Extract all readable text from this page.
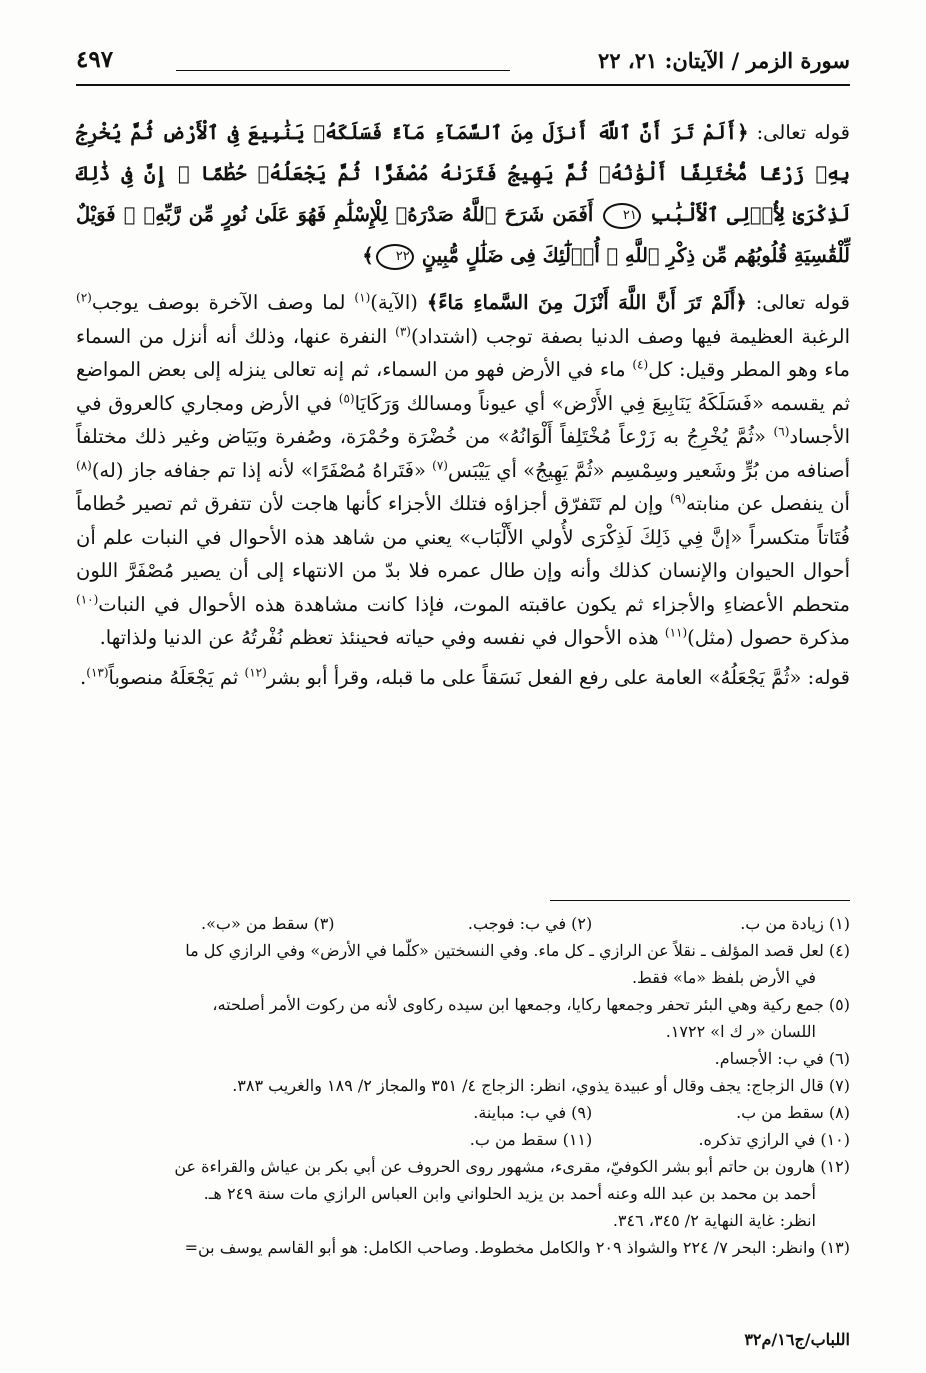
سورة الزمر / الآيتان: ٢١، ٢٢
٤٩٧

قوله تعالى: ﴿أَلَمْ تَرَ أَنَّ ٱللَّهَ أَنزَلَ مِنَ ٱلسَّمَآءِ مَآءً فَسَلَكَهُۥ يَنَٰبِيعَ فِى ٱلْأَرْضِ ثُمَّ يُخْرِجُ بِهِۦ زَرْعًا مُّخْتَلِفًا أَلْوَٰنُهُۥ ثُمَّ يَهِيجُ فَتَرَىٰهُ مُصْفَرًّا ثُمَّ يَجْعَلُهُۥ حُطَٰمًا ۚ إِنَّ فِى ذَٰلِكَ لَذِكْرَىٰ لِأُو۟لِى ٱلْأَلْبَٰبِ ٢١ أَفَمَن شَرَحَ ٱللَّهُ صَدْرَهُۥ لِلْإِسْلَٰمِ فَهُوَ عَلَىٰ نُورٍ مِّن رَّبِّهِۦ ۚ فَوَيْلٌ لِّلْقَٰسِيَةِ قُلُوبُهُم مِّن ذِكْرِ ٱللَّهِ ۚ أُو۟لَٰٓئِكَ فِى ضَلَٰلٍ مُّبِينٍ ٢٢﴾

قوله تعالى: ﴿أَلَمْ تَرَ أَنَّ اللَّهَ أَنْزَلَ مِنَ السَّماءِ مَاءً﴾ (الآية)$^{(١)}$ لما وصف الآخرة بوصف يوجب$^{(٢)}$ الرغبة العظيمة فيها وصف الدنيا بصفة توجب (اشتداد)$^{(٣)}$ النفرة عنها، وذلك أنه أنزل من السماء ماء وهو المطر وقيل: كل$^{(٤)}$ ماء في الأرض فهو من السماء، ثم إنه تعالى ينزله إلى بعض المواضع ثم يقسمه «فَسَلَكَهُ يَنَابِيعَ فِي الأَرْض» أي عيوناً ومسالك وَرَكَايَا$^{(٥)}$ في الأرض ومجاري كالعروق في الأجساد$^{(٦)}$ «ثُمَّ يُخْرِجُ به زَرْعاً مُخْتَلِفاً أَلْوَانُهُ» من خُضْرَة وحُمْرَة، وصُفرة وبَيَاض وغير ذلك مختلفاً أصنافه من بُرٍّ وشَعير وسِمْسِم «ثُمَّ يَهِيجُ» أي يَيْبَس$^{(٧)}$ «فَتَراهُ مُصْفَرًا» لأنه إذا تم جفافه جاز (له)$^{(٨)}$ أن ينفصل عن منابته$^{(٩)}$ وإن لم تَتَفرّق أجزاؤه فتلك الأجزاء كأنها هاجت لأن تتفرق ثم تصير حُطاماً فُتَاتاً متكسراً «إنَّ فِي ذَلِكَ لَذِكْرَى لأُولي الأَلْبَاب» يعني من شاهد هذه الأحوال في النبات علم أن أحوال الحيوان والإنسان كذلك وأنه وإن طال عمره فلا بدّ من الانتهاء إلى أن يصير مُصْفَرَّ اللون متحطم الأعضاءِ والأجزاء ثم يكون عاقبته الموت، فإذا كانت مشاهدة هذه الأحوال في النبات$^{(١٠)}$ مذكرة حصول (مثل)$^{(١١)}$ هذه الأحوال في نفسه وفي حياته فحينئذ تعظم نُفْرتُهُ عن الدنيا ولذاتها.

قوله: «ثُمَّ يَجْعَلُهُ» العامة على رفع الفعل نَسَقاً على ما قبله، وقرأ أبو بشر$^{(١٢)}$ ثم يَجْعَلَهُ منصوباً$^{(١٣)}$.

(١) زيادة من ب.
(٢) في ب: فوجب.
(٣) سقط من «ب».
(٤) لعل قصد المؤلف ـ نقلاً عن الرازي ـ كل ماء. وفي النسختين «كلّما في الأرض» وفي الرازي كل ما
في الأرض بلفظ «ما» فقط.
(٥) جمع ركية وهي البئر تحفر وجمعها ركايا، وجمعها ابن سيده ركاوى لأنه من ركوت الأمر أصلحته،
اللسان «ر ك ا» ١٧٢٢.
(٦) في ب: الأجسام.
(٧) قال الزجاج: يجف وقال أو عبيدة يذوي، انظر: الزجاج ٤/ ٣٥١ والمجاز ٢/ ١٨٩ والغريب ٣٨٣.
(٨) سقط من ب.
(٩) في ب: مباينة.
(١٠) في الرازي تذكره.
(١١) سقط من ب.
(١٢) هارون بن حاتم أبو بشر الكوفيّ، مقرىء، مشهور روى الحروف عن أبي بكر بن عياش والقراءة عن
أحمد بن محمد بن عبد الله وعنه أحمد بن يزيد الحلواني وابن العباس الرازي مات سنة ٢٤٩ هـ.
انظر: غاية النهاية ٢/ ٣٤٥، ٣٤٦.
(١٣) وانظر: البحر ٧/ ٢٢٤ والشواذ ٢٠٩ والكامل مخطوط. وصاحب الكامل: هو أبو القاسم يوسف بن=
اللباب/ج١٦/م٣٢
